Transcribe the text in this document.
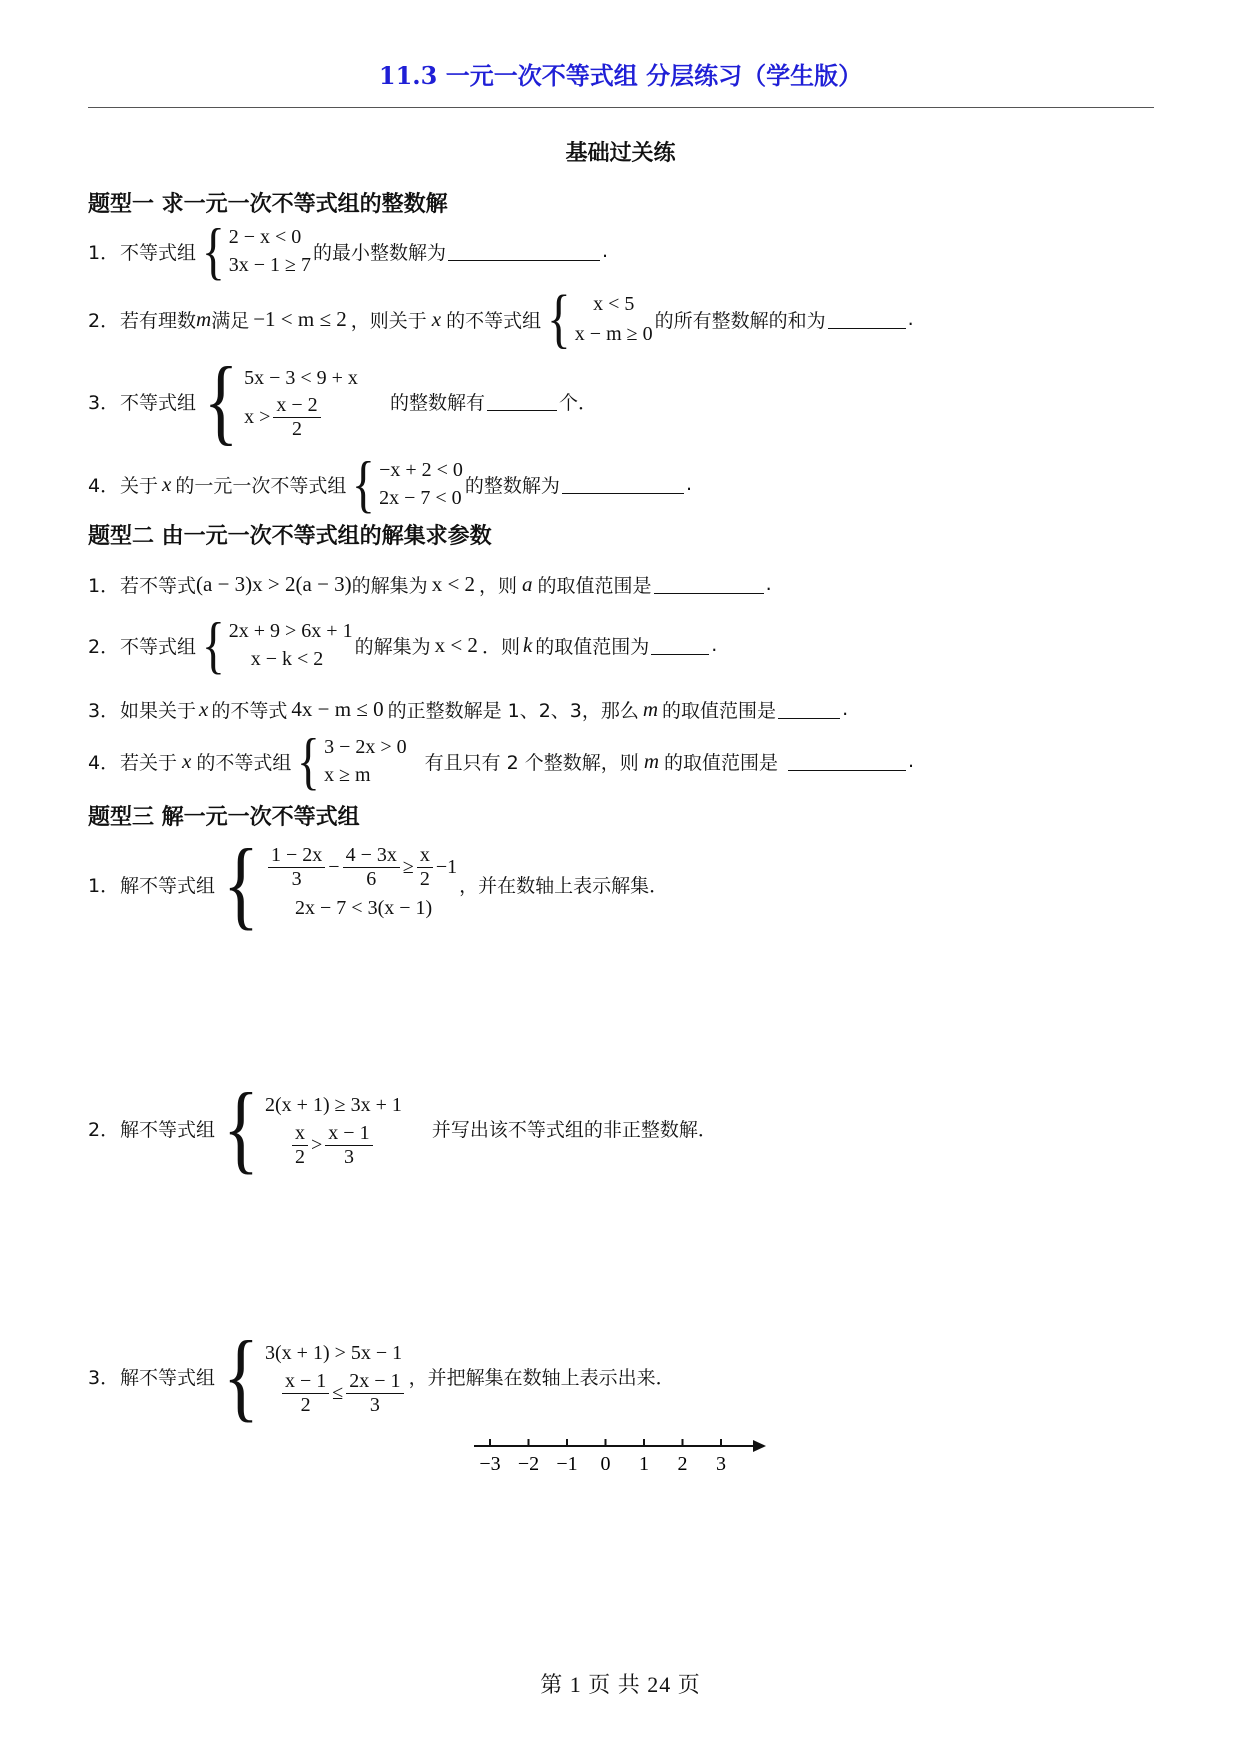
11.3 一元一次不等式组 分层练习（学生版）
基础过关练
题型一 求一元一次不等式组的整数解
1． 不等式组 { 2 − x < 0
3x − 1 ≥ 7
的最小整数解为	.
2． 若有理数 m 满足 −1 < m ≤ 2 ，则关于 x 的不等式组 {	x < 5
x − m ≥ 0
的所有整数解的和为	.
3． 不等式组 { 5x − 3 < 9 + x
$x > \frac{x - 2}{2}$	的整数解有	个．
4． 关于 x 的一元一次不等式组 { −x + 2 < 0
2x − 7 < 0
的整数解为	.
题型二 由一元一次不等式组的解集求参数
1． 若不等式 (a − 3)x > 2(a − 3) 的解集为 x < 2 ，则 a 的取值范围是	.
2． 不等式组 { 2x + 9 > 6x + 1
x − k < 2
的解集为 x < 2 ．则 k 的取值范围为	.
3． 如果关于 x 的不等式 4x − m ≤ 0 的正整数解是 1、2、3，那么 m 的取值范围是	.
4． 若关于 x 的不等式组 { 3 − 2x > 0
x ≥ m
有且只有 2 个整数解，则 m 的取值范围是	.
题型三 解一元一次不等式组
1． 解不等式组 { $\frac{1 - 2x}{3} - \frac{4 - 3x}{6} \ge \frac{x}{2} -1$
2x − 7 < 3(x − 1)
，并在数轴上表示解集．
2． 解不等式组 { 2(x + 1) ≥ 3x + 1
$\frac{x}{2} > \frac{x - 1}{3}$	并写出该不等式组的非正整数解．
3． 解不等式组 { 3(x + 1) > 5x − 1
$\frac{x - 1}{2} \le \frac{2x - 1}{3}$ ，并把解集在数轴上表示出来．
−3 −2 −1 0 1 2 3
第 1 页 共 24 页
